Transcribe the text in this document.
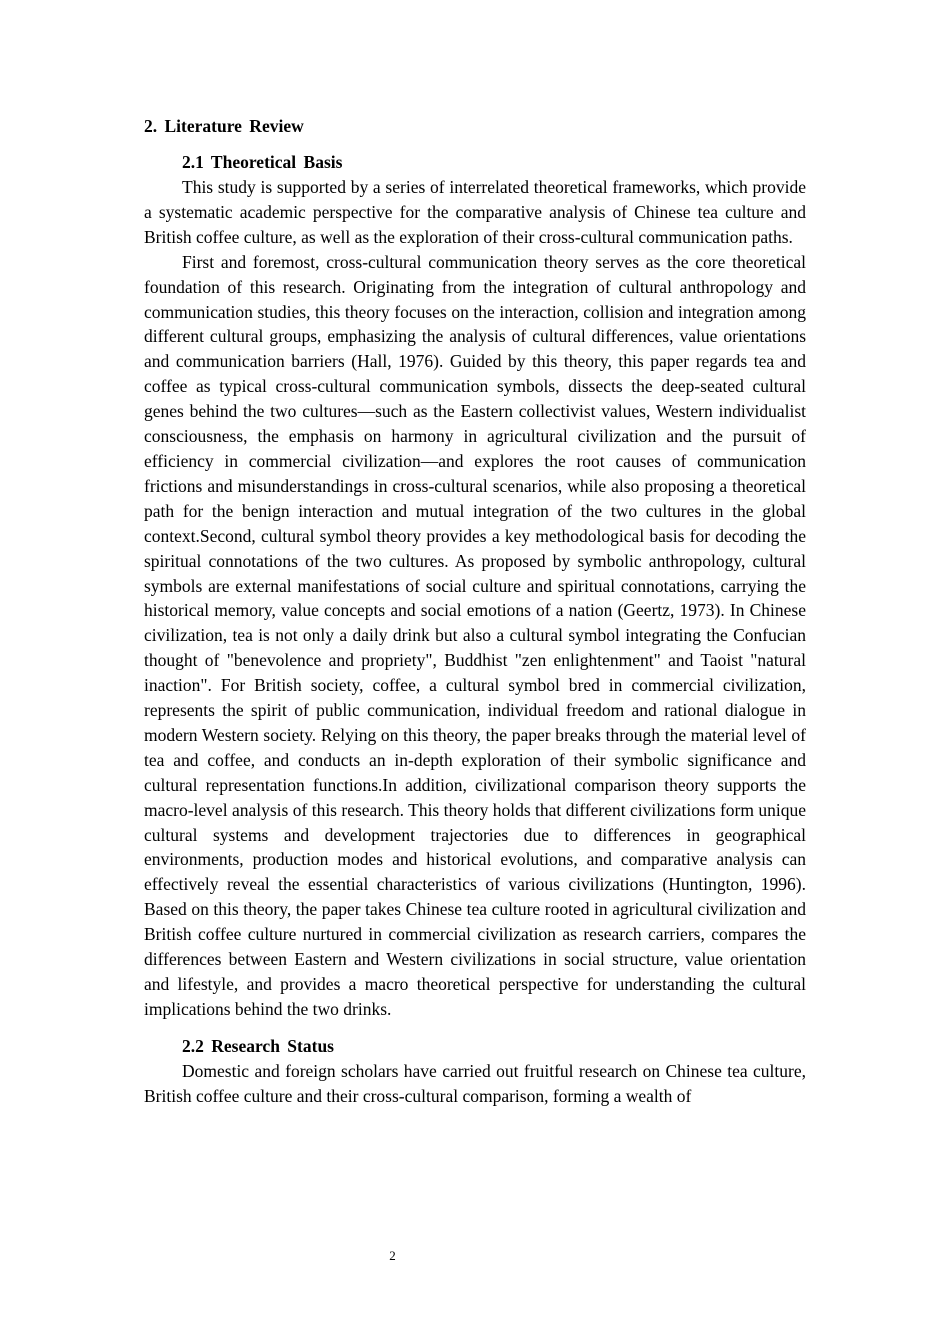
2. Literature Review
2.1 Theoretical Basis

This study is supported by a series of interrelated theoretical frameworks, which provide a systematic academic perspective for the comparative analysis of Chinese tea culture and British coffee culture, as well as the exploration of their cross-cultural communication paths.

First and foremost, cross-cultural communication theory serves as the core theoretical foundation of this research. Originating from the integration of cultural anthropology and communication studies, this theory focuses on the interaction, collision and integration among different cultural groups, emphasizing the analysis of cultural differences, value orientations and communication barriers (Hall, 1976). Guided by this theory, this paper regards tea and coffee as typical cross-cultural communication symbols, dissects the deep-seated cultural genes behind the two cultures—such as the Eastern collectivist values, Western individualist consciousness, the emphasis on harmony in agricultural civilization and the pursuit of efficiency in commercial civilization—and explores the root causes of communication frictions and misunderstandings in cross-cultural scenarios, while also proposing a theoretical path for the benign interaction and mutual integration of the two cultures in the global context.Second, cultural symbol theory provides a key methodological basis for decoding the spiritual connotations of the two cultures. As proposed by symbolic anthropology, cultural symbols are external manifestations of social culture and spiritual connotations, carrying the historical memory, value concepts and social emotions of a nation (Geertz, 1973). In Chinese civilization, tea is not only a daily drink but also a cultural symbol integrating the Confucian thought of "benevolence and propriety", Buddhist "zen enlightenment" and Taoist "natural inaction". For British society, coffee, a cultural symbol bred in commercial civilization, represents the spirit of public communication, individual freedom and rational dialogue in modern Western society. Relying on this theory, the paper breaks through the material level of tea and coffee, and conducts an in-depth exploration of their symbolic significance and cultural representation functions.In addition, civilizational comparison theory supports the macro-level analysis of this research. This theory holds that different civilizations form unique cultural systems and development trajectories due to differences in geographical environments, production modes and historical evolutions, and comparative analysis can effectively reveal the essential characteristics of various civilizations (Huntington, 1996). Based on this theory, the paper takes Chinese tea culture rooted in agricultural civilization and British coffee culture nurtured in commercial civilization as research carriers, compares the differences between Eastern and Western civilizations in social structure, value orientation and lifestyle, and provides a macro theoretical perspective for understanding the cultural implications behind the two drinks.

2.2 Research Status

Domestic and foreign scholars have carried out fruitful research on Chinese tea culture, British coffee culture and their cross-cultural comparison, forming a wealth of

2
